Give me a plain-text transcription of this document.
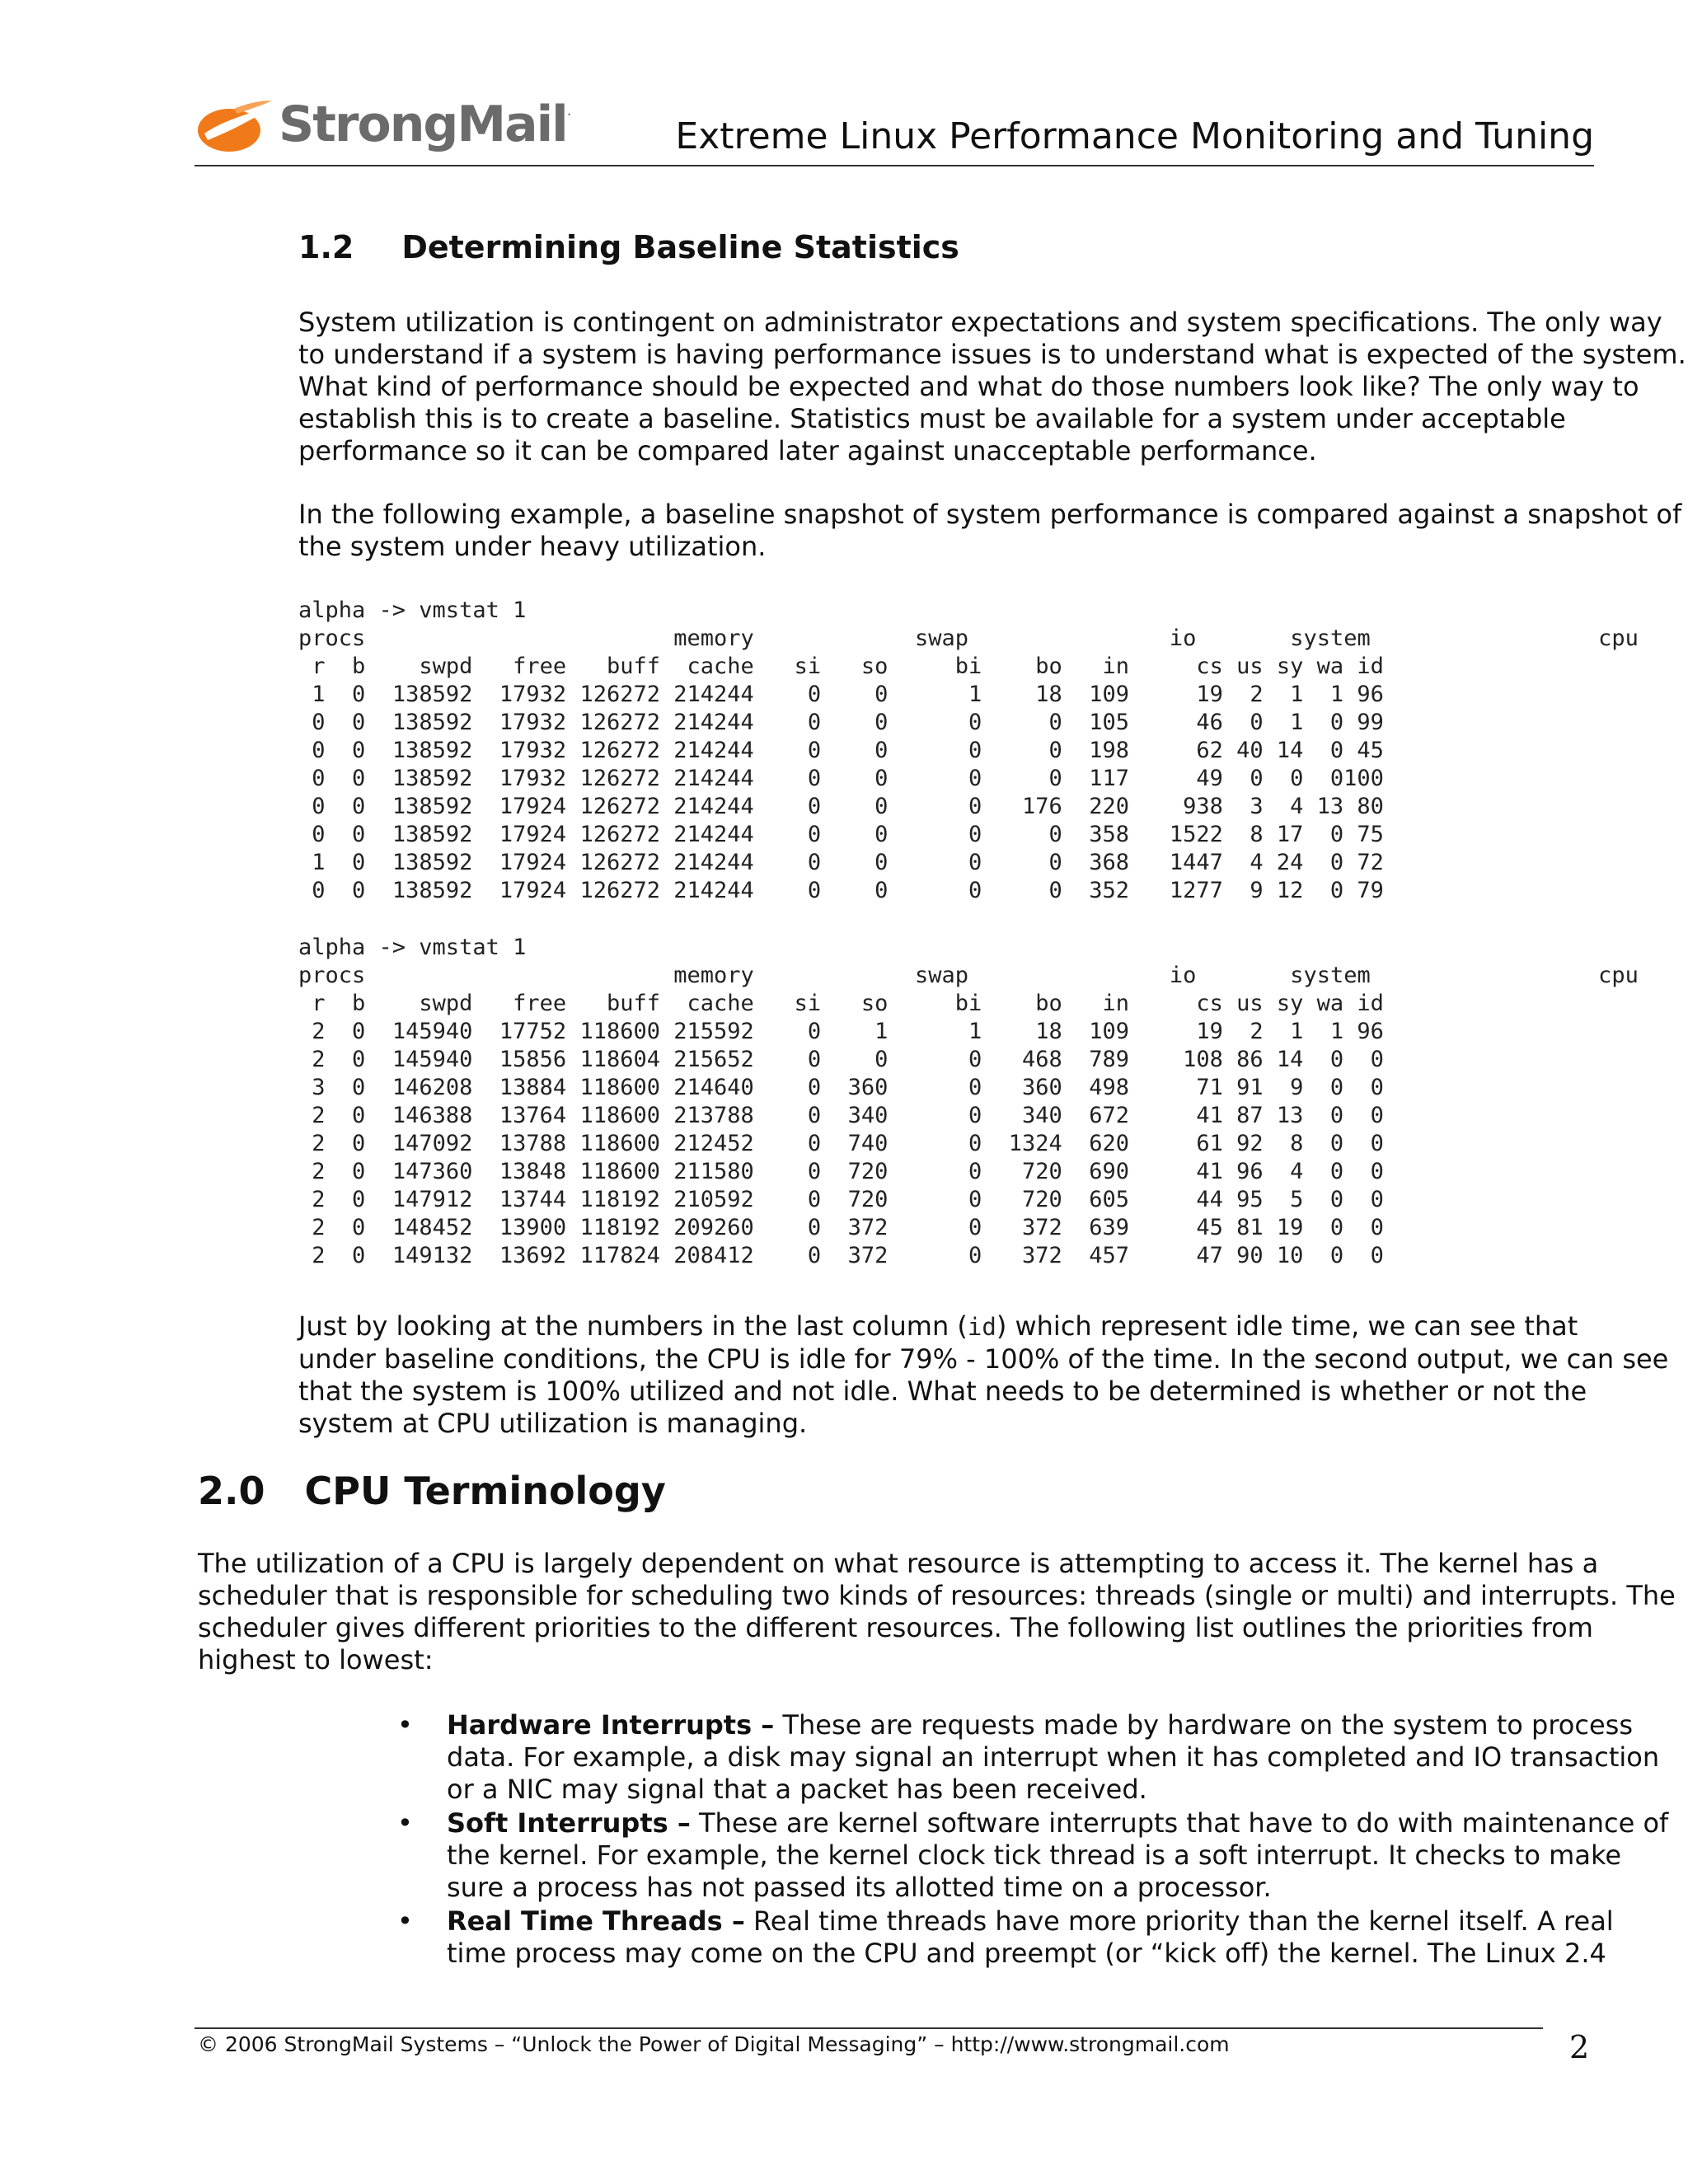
StrongMail.
Extreme Linux Performance Monitoring and Tuning
1.2 Determining Baseline Statistics
System utilization is contingent on administrator expectations and system specifications. The only way
to understand if a system is having performance issues is to understand what is expected of the system.
What kind of performance should be expected and what do those numbers look like? The only way to
establish this is to create a baseline. Statistics must be available for a system under acceptable
performance so it can be compared later against unacceptable performance.
In the following example, a baseline snapshot of system performance is compared against a snapshot of
the system under heavy utilization.
alpha -> vmstat 1
procs	memory	swap	io	system	cpu
r	b	swpd	free	buff	cache	si	so	bi	bo	in	cs us sy wa id
1	0	138592	17932 126272 214244	0	0	1	18	109	19	2	1	1 96
0	0	138592	17932 126272 214244	0	0	0	0	105	46	0	1	0 99
0	0	138592	17932 126272 214244	0	0	0	0	198	62 40 14	0 45
0	0	138592	17932 126272 214244	0	0	0	0	117	49	0	0	0 100
0	0	138592	17924 126272 214244	0	0	0	176	220	938	3	4 13 80
0	0	138592	17924 126272 214244	0	0	0	0	358	1522	8 17	0 75
1	0	138592	17924 126272 214244	0	0	0	0	368	1447	4 24	0 72
0	0	138592	17924 126272 214244	0	0	0	0	352	1277	9 12	0 79
alpha -> vmstat 1
procs	memory	swap	io	system	cpu
r	b	swpd	free	buff	cache	si	so	bi	bo	in	cs us sy wa id
2	0	145940	17752 118600 215592	0	1	1	18	109	19	2	1	1 96
2	0	145940	15856 118604 215652	0	0	0	468	789	108 86 14	0	0
3	0	146208	13884 118600 214640	0	360	0	360	498	71 91	9	0	0
2	0	146388	13764 118600 213788	0	340	0	340	672	41 87 13	0	0
2	0	147092	13788 118600 212452	0	740	0	1324	620	61 92	8	0	0
2	0	147360	13848 118600 211580	0	720	0	720	690	41 96	4	0	0
2	0	147912	13744 118192 210592	0	720	0	720	605	44 95	5	0	0
2	0	148452	13900 118192 209260	0	372	0	372	639	45 81 19	0	0
2	0	149132	13692 117824 208412	0	372	0	372	457	47 90 10	0	0
Just by looking at the numbers in the last column (id) which represent idle time, we can see that
under baseline conditions, the CPU is idle for 79% - 100% of the time. In the second output, we can see
that the system is 100% utilized and not idle. What needs to be determined is whether or not the
system at CPU utilization is managing.
2.0 CPU Terminology
The utilization of a CPU is largely dependent on what resource is attempting to access it. The kernel has a
scheduler that is responsible for scheduling two kinds of resources: threads (single or multi) and interrupts. The
scheduler gives different priorities to the different resources. The following list outlines the priorities from
highest to lowest:
• Hardware Interrupts – These are requests made by hardware on the system to process
data. For example, a disk may signal an interrupt when it has completed and IO transaction
or a NIC may signal that a packet has been received.
• Soft Interrupts – These are kernel software interrupts that have to do with maintenance of
the kernel. For example, the kernel clock tick thread is a soft interrupt. It checks to make
sure a process has not passed its allotted time on a processor.
• Real Time Threads – Real time threads have more priority than the kernel itself. A real
time process may come on the CPU and preempt (or “kick off) the kernel. The Linux 2.4
© 2006 StrongMail Systems – “Unlock the Power of Digital Messaging” – http://www.strongmail.com	2
